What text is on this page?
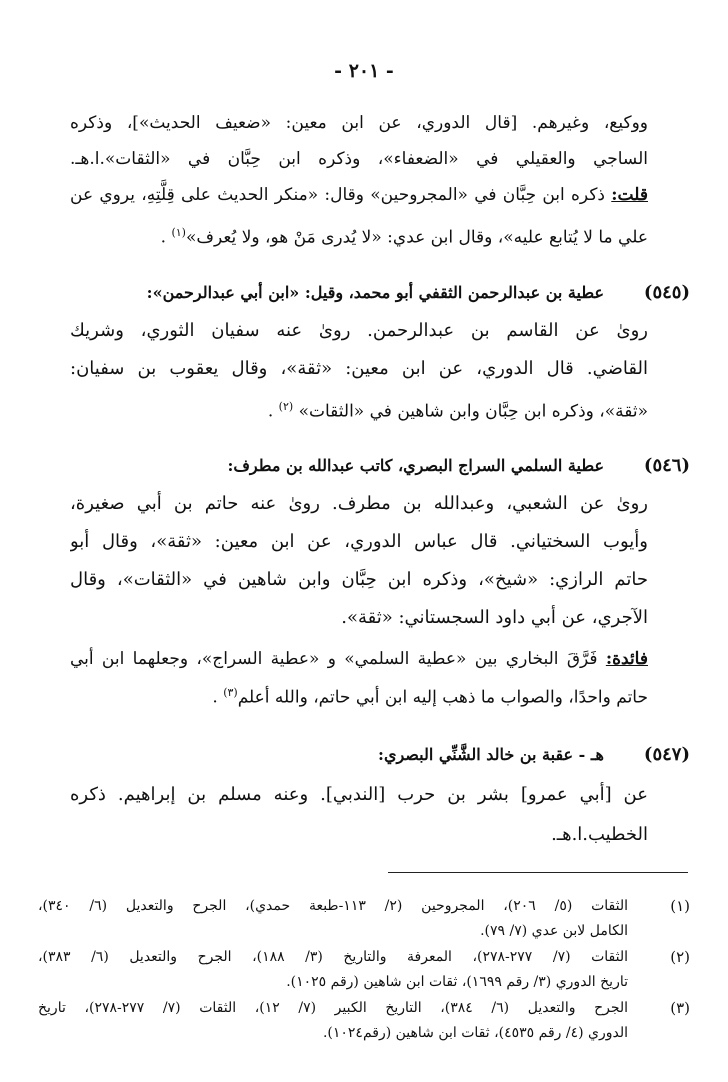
- ٢٠١ -
ووكيع، وغيرهم. [قال الدوري، عن ابن معين: «ضعيف الحديث»]، وذكره
الساجي والعقيلي في «الضعفاء»، وذكره ابن حِبَّان في «الثقات».ا.هـ.
قلت: ذكره ابن حِبَّان في «المجروحين» وقال: «منكر الحديث على قِلَّتِهِ، يروي عن
علي ما لا يُتابع عليه»، وقال ابن عدي: «لا يُدرى مَنْ هو، ولا يُعرف»$^{(١)}$ .
(٥٤٥)
عطية بن عبدالرحمن الثقفي أبو محمد، وقيل: «ابن أبي عبدالرحمن»:
روىٰ عن القاسم بن عبدالرحمن. روىٰ عنه سفيان الثوري، وشريك
القاضي. قال الدوري، عن ابن معين: «ثقة»، وقال يعقوب بن سفيان:
«ثقة»، وذكره ابن حِبَّان وابن شاهين في «الثقات» $^{(٢)}$ .
(٥٤٦)
عطية السلمي السراج البصري، كاتب عبدالله بن مطرف:
روىٰ عن الشعبي، وعبدالله بن مطرف. روىٰ عنه حاتم بن أبي صغيرة،
وأيوب السختياني. قال عباس الدوري، عن ابن معين: «ثقة»، وقال أبو
حاتم الرازي: «شيخ»، وذكره ابن حِبَّان وابن شاهين في «الثقات»، وقال
الآجري، عن أبي داود السجستاني: «ثقة».
فائدة: فَرَّقَ البخاري بين «عطية السلمي» و «عطية السراج»، وجعلهما ابن أبي
حاتم واحدًا، والصواب ما ذهب إليه ابن أبي حاتم، والله أعلم$^{(٣)}$ .
(٥٤٧)
هـ - عقبة بن خالد الشَّنِّي البصري:
عن [أبي عمرو] بشر بن حرب [الندبي]. وعنه مسلم بن إبراهيم. ذكره
الخطيب.ا.هـ.
(١)
الثقات (٥/ ٢٠٦)، المجروحين (٢/ ١١٣-طبعة حمدي)، الجرح والتعديل (٦/ ٣٤٠)،
الكامل لابن عدي (٧/ ٧٩).
(٢)
الثقات (٧/ ٢٧٧-٢٧٨)، المعرفة والتاريخ (٣/ ١٨٨)، الجرح والتعديل (٦/ ٣٨٣)،
تاريخ الدوري (٣/ رقم ١٦٩٩)، ثقات ابن شاهين (رقم ١٠٢٥).
(٣)
الجرح والتعديل (٦/ ٣٨٤)، التاريخ الكبير (٧/ ١٢)، الثقات (٧/ ٢٧٧-٢٧٨)، تاريخ
الدوري (٤/ رقم ٤٥٣٥)، ثقات ابن شاهين (رقم١٠٢٤).
